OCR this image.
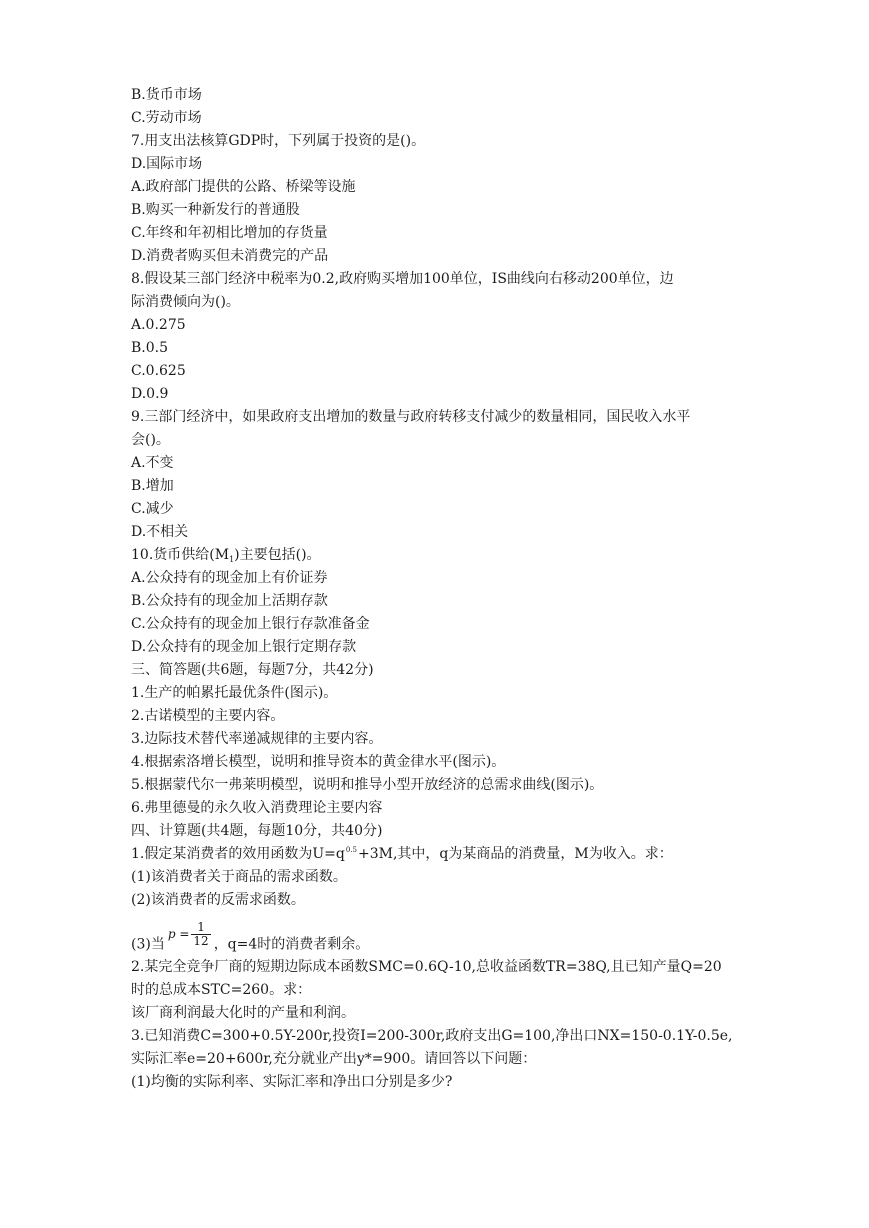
B.货币市场
C.劳动市场
7.用支出法核算GDP时，下列属于投资的是()。
D.国际市场
A.政府部门提供的公路、桥梁等设施
B.购买一种新发行的普通股
C.年终和年初相比增加的存货量
D.消费者购买但未消费完的产品
8.假设某三部门经济中税率为0.2,政府购买增加100单位，IS曲线向右移动200单位，边
际消费倾向为()。
A.0.275
B.0.5
C.0.625
D.0.9
9.三部门经济中，如果政府支出增加的数量与政府转移支付减少的数量相同，国民收入水平
会()。
A.不变
B.增加
C.减少
D.不相关
10.货币供给$(M_1)$主要包括()。
A.公众持有的现金加上有价证券
B.公众持有的现金加上活期存款
C.公众持有的现金加上银行存款准备金
D.公众持有的现金加上银行定期存款
三、简答题(共6题，每题7分，共42分)
1.生产的帕累托最优条件(图示)。
2.古诺模型的主要内容。
3.边际技术替代率递减规律的主要内容。
4.根据索洛增长模型，说明和推导资本的黄金律水平(图示)。
5.根据蒙代尔一弗莱明模型，说明和推导小型开放经济的总需求曲线(图示)。
6.弗里德曼的永久收入消费理论主要内容
四、计算题(共4题，每题10分，共40分)
1.假定某消费者的效用函数为$U=q^{0.5}+3M$,其中，q为某商品的消费量，M为收入。求：
(1)该消费者关于商品的需求函数。
(2)该消费者的反需求函数。
(3)当$p = \frac{1}{12}$ ，q=4时的消费者剩余。
2.某完全竞争厂商的短期边际成本函数SMC=0.6Q-10,总收益函数TR=38Q,且已知产量Q=20
时的总成本STC=260。求：
该厂商利润最大化时的产量和利润。
3.已知消费C=300+0.5Y-200r,投资I=200-300r,政府支出G=100,净出口NX=150-0.1Y-0.5e,
实际汇率e=20+600r,充分就业产出y*=900。请回答以下问题：
(1)均衡的实际利率、实际汇率和净出口分别是多少?
